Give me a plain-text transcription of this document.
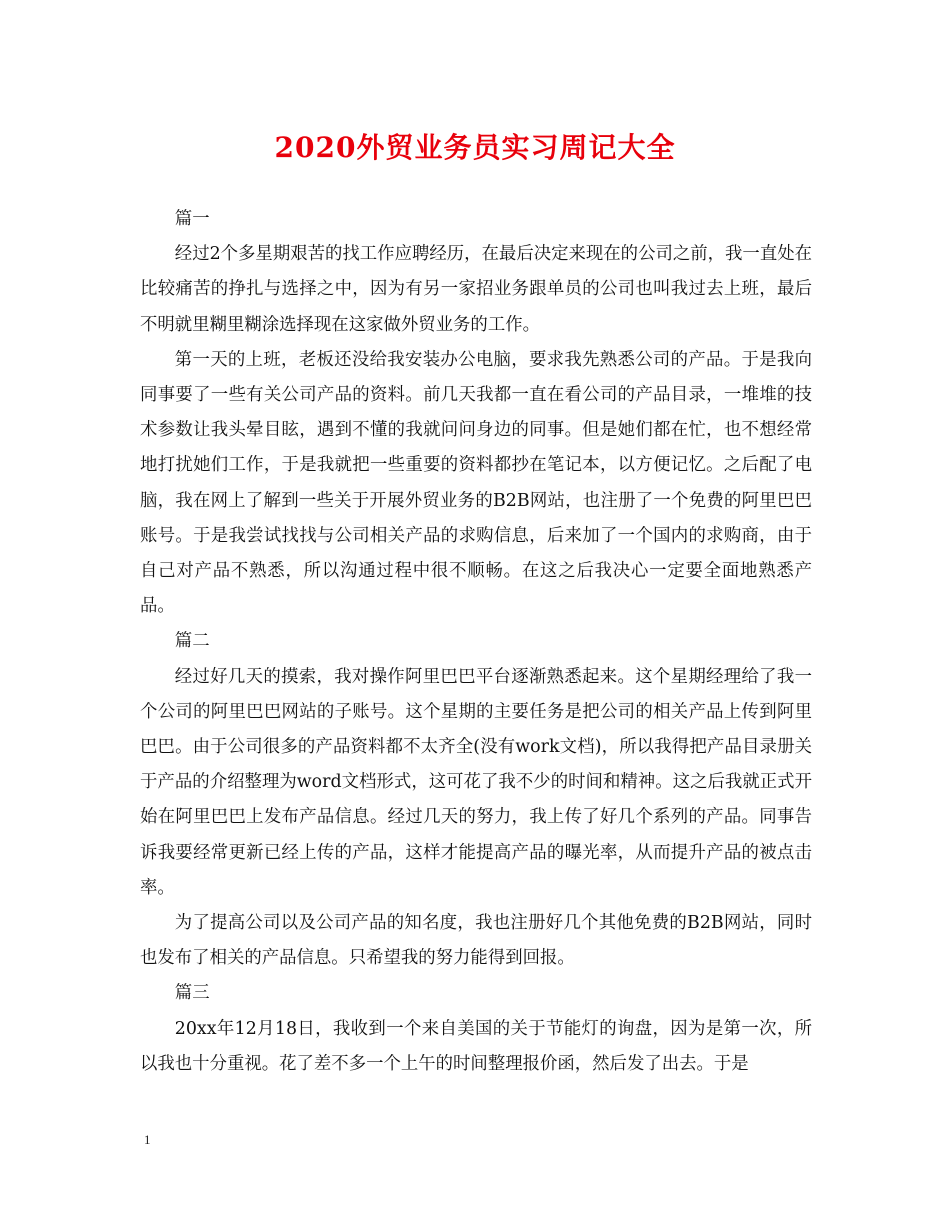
2020外贸业务员实习周记大全

篇一

经过2个多星期艰苦的找工作应聘经历，在最后决定来现在的公司之前，我一直处在比较痛苦的挣扎与选择之中，因为有另一家招业务跟单员的公司也叫我过去上班，最后不明就里糊里糊涂选择现在这家做外贸业务的工作。

第一天的上班，老板还没给我安装办公电脑，要求我先熟悉公司的产品。于是我向同事要了一些有关公司产品的资料。前几天我都一直在看公司的产品目录，一堆堆的技术参数让我头晕目眩，遇到不懂的我就问问身边的同事。但是她们都在忙，也不想经常地打扰她们工作，于是我就把一些重要的资料都抄在笔记本，以方便记忆。之后配了电脑，我在网上了解到一些关于开展外贸业务的B2B网站，也注册了一个免费的阿里巴巴账号。于是我尝试找找与公司相关产品的求购信息，后来加了一个国内的求购商，由于自己对产品不熟悉，所以沟通过程中很不顺畅。在这之后我决心一定要全面地熟悉产品。

篇二

经过好几天的摸索，我对操作阿里巴巴平台逐渐熟悉起来。这个星期经理给了我一个公司的阿里巴巴网站的子账号。这个星期的主要任务是把公司的相关产品上传到阿里巴巴。由于公司很多的产品资料都不太齐全(没有work文档)，所以我得把产品目录册关于产品的介绍整理为word文档形式，这可花了我不少的时间和精神。这之后我就正式开始在阿里巴巴上发布产品信息。经过几天的努力，我上传了好几个系列的产品。同事告诉我要经常更新已经上传的产品，这样才能提高产品的曝光率，从而提升产品的被点击率。

为了提高公司以及公司产品的知名度，我也注册好几个其他免费的B2B网站，同时也发布了相关的产品信息。只希望我的努力能得到回报。

篇三

20xx年12月18日，我收到一个来自美国的关于节能灯的询盘，因为是第一次，所以我也十分重视。花了差不多一个上午的时间整理报价函，然后发了出去。于是

1
